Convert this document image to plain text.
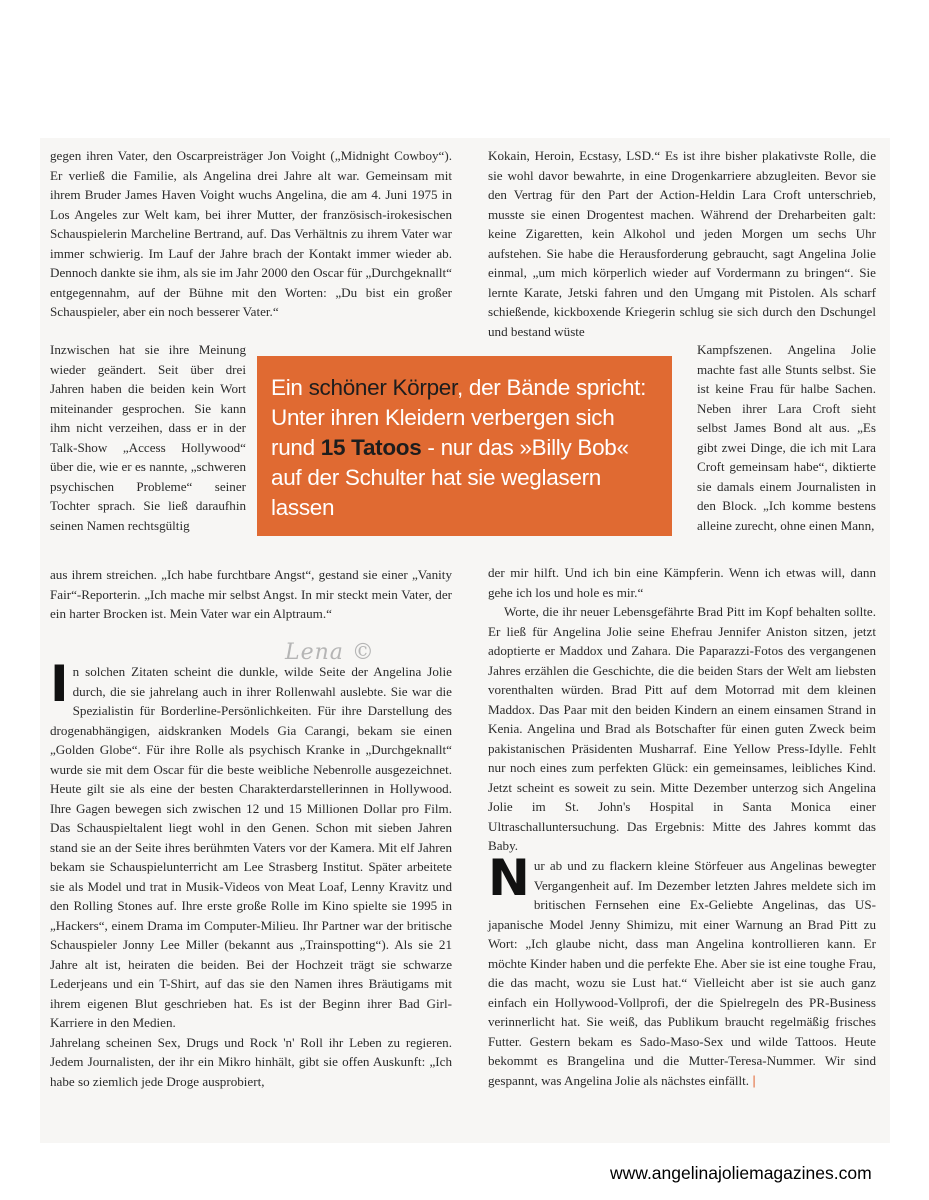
gegen ihren Vater, den Oscarpreisträger Jon Voight („Midnight Cowboy“). Er verließ die Familie, als Angelina drei Jahre alt war. Gemeinsam mit ihrem Bruder James Haven Voight wuchs Angelina, die am 4. Juni 1975 in Los Angeles zur Welt kam, bei ihrer Mutter, der französisch-irokesischen Schauspielerin Marcheline Bertrand, auf. Das Verhältnis zu ihrem Vater war immer schwierig. Im Lauf der Jahre brach der Kontakt immer wieder ab. Dennoch dankte sie ihm, als sie im Jahr 2000 den Oscar für „Durchgeknallt“ entgegennahm, auf der Bühne mit den Worten: „Du bist ein großer Schauspieler, aber ein noch besserer Vater.“

Inzwischen hat sie ihre Meinung wieder geändert. Seit über drei Jahren haben die beiden kein Wort miteinander gesprochen. Sie kann ihm nicht verzeihen, dass er in der Talk-Show „Access Hollywood“ über die, wie er es nannte, „schweren psychischen Probleme“ seiner Tochter sprach. Sie ließ daraufhin seinen Namen rechtsgültig

aus ihrem streichen. „Ich habe furchtbare Angst“, gestand sie einer „Vanity Fair“-Reporterin. „Ich mache mir selbst Angst. In mir steckt mein Vater, der ein harter Brocken ist. Mein Vater war ein Alptraum.“

In solchen Zitaten scheint die dunkle, wilde Seite der Angelina Jolie durch, die sie jahrelang auch in ihrer Rollenwahl auslebte. Sie war die Spezialistin für Borderline-Persönlichkeiten. Für ihre Darstellung des drogenabhängigen, aidskranken Models Gia Carangi, bekam sie einen „Golden Globe“. Für ihre Rolle als psychisch Kranke in „Durchgeknallt“ wurde sie mit dem Oscar für die beste weibliche Nebenrolle ausgezeichnet. Heute gilt sie als eine der besten Charakterdarstellerinnen in Hollywood. Ihre Gagen bewegen sich zwischen 12 und 15 Millionen Dollar pro Film. Das Schauspieltalent liegt wohl in den Genen. Schon mit sieben Jahren stand sie an der Seite ihres berühmten Vaters vor der Kamera. Mit elf Jahren bekam sie Schauspielunterricht am Lee Strasberg Institut. Später arbeitete sie als Model und trat in Musik-Videos von Meat Loaf, Lenny Kravitz und den Rolling Stones auf. Ihre erste große Rolle im Kino spielte sie 1995 in „Hackers“, einem Drama im Computer-Milieu. Ihr Partner war der britische Schauspieler Jonny Lee Miller (bekannt aus „Trainspotting“). Als sie 21 Jahre alt ist, heiraten die beiden. Bei der Hochzeit trägt sie schwarze Lederjeans und ein T-Shirt, auf das sie den Namen ihres Bräutigams mit ihrem eigenen Blut geschrieben hat. Es ist der Beginn ihrer Bad Girl-Karriere in den Medien.

Jahrelang scheinen Sex, Drugs und Rock 'n' Roll ihr Leben zu regieren. Jedem Journalisten, der ihr ein Mikro hinhält, gibt sie offen Auskunft: „Ich habe so ziemlich jede Droge ausprobiert,

Kokain, Heroin, Ecstasy, LSD.“ Es ist ihre bisher plakativste Rolle, die sie wohl davor bewahrte, in eine Drogenkarriere abzugleiten. Bevor sie den Vertrag für den Part der Action-Heldin Lara Croft unterschrieb, musste sie einen Drogentest machen. Während der Dreharbeiten galt: keine Zigaretten, kein Alkohol und jeden Morgen um sechs Uhr aufstehen. Sie habe die Herausforderung gebraucht, sagt Angelina Jolie einmal, „um mich körperlich wieder auf Vordermann zu bringen“. Sie lernte Karate, Jetski fahren und den Umgang mit Pistolen. Als scharf schießende, kickboxende Kriegerin schlug sie sich durch den Dschungel und bestand wüste

Kampfszenen. Angelina Jolie machte fast alle Stunts selbst. Sie ist keine Frau für halbe Sachen. Neben ihrer Lara Croft sieht selbst James Bond alt aus. „Es gibt zwei Dinge, die ich mit Lara Croft gemeinsam habe“, diktierte sie damals einem Journalisten in den Block. „Ich komme bestens alleine zurecht, ohne einen Mann,

der mir hilft. Und ich bin eine Kämpferin. Wenn ich etwas will, dann gehe ich los und hole es mir.“

Worte, die ihr neuer Lebensgefährte Brad Pitt im Kopf behalten sollte. Er ließ für Angelina Jolie seine Ehefrau Jennifer Aniston sitzen, jetzt adoptierte er Maddox und Zahara. Die Paparazzi-Fotos des vergangenen Jahres erzählen die Geschichte, die die beiden Stars der Welt am liebsten vorenthalten würden. Brad Pitt auf dem Motorrad mit dem kleinen Maddox. Das Paar mit den beiden Kindern an einem einsamen Strand in Kenia. Angelina und Brad als Botschafter für einen guten Zweck beim pakistanischen Präsidenten Musharraf. Eine Yellow Press-Idylle. Fehlt nur noch eines zum perfekten Glück: ein gemeinsames, leibliches Kind. Jetzt scheint es soweit zu sein. Mitte Dezember unterzog sich Angelina Jolie im St. John's Hospital in Santa Monica einer Ultraschalluntersuchung. Das Ergebnis: Mitte des Jahres kommt das Baby.

Nur ab und zu flackern kleine Störfeuer aus Angelinas bewegter Vergangenheit auf. Im Dezember letzten Jahres meldete sich im britischen Fernsehen eine Ex-Geliebte Angelinas, das US-japanische Model Jenny Shimizu, mit einer Warnung an Brad Pitt zu Wort: „Ich glaube nicht, dass man Angelina kontrollieren kann. Er möchte Kinder haben und die perfekte Ehe. Aber sie ist eine toughe Frau, die das macht, wozu sie Lust hat.“ Vielleicht aber ist sie auch ganz einfach ein Hollywood-Vollprofi, der die Spielregeln des PR-Business verinnerlicht hat. Sie weiß, das Publikum braucht regelmäßig frisches Futter. Gestern bekam es Sado-Maso-Sex und wilde Tattoos. Heute bekommt es Brangelina und die Mutter-Teresa-Nummer. Wir sind gespannt, was Angelina Jolie als nächstes einfällt. |
Ein schöner Körper, der Bände spricht: Unter ihren Kleidern verbergen sich rund 15 Tatoos - nur das »Billy Bob« auf der Schulter hat sie weglasern lassen
Lena ©
www.angelinajoliemagazines.com
